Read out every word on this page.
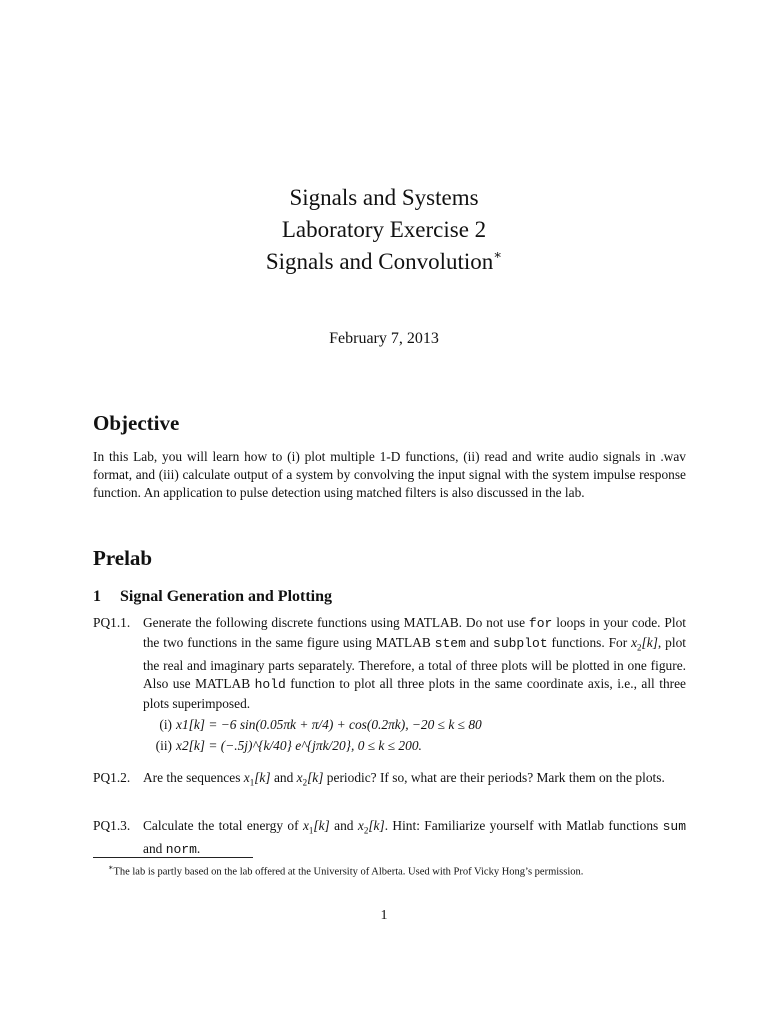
Signals and Systems
Laboratory Exercise 2
Signals and Convolution∗
February 7, 2013
Objective
In this Lab, you will learn how to (i) plot multiple 1-D functions, (ii) read and write audio signals in .wav format, and (iii) calculate output of a system by convolving the input signal with the system impulse response function. An application to pulse detection using matched filters is also discussed in the lab.
Prelab
1 Signal Generation and Plotting
PQ1.1. Generate the following discrete functions using MATLAB. Do not use for loops in your code. Plot the two functions in the same figure using MATLAB stem and subplot functions. For $x_2[k]$, plot the real and imaginary parts separately. Therefore, a total of three plots will be plotted in one figure. Also use MATLAB hold function to plot all three plots in the same coordinate axis, i.e., all three plots superimposed.
(i) x1[k] = −6 sin(0.05πk + π/4) + cos(0.2πk), −20 ≤ k ≤ 80
(ii) x2[k] = (−.5j)^{k/40} e^{jπk/20}, 0 ≤ k ≤ 200.
PQ1.2. Are the sequences $x_1[k]$ and $x_2[k]$ periodic? If so, what are their periods? Mark them on the plots.
PQ1.3. Calculate the total energy of $x_1[k]$ and $x_2[k]$. Hint: Familiarize yourself with Matlab functions sum and norm.
∗The lab is partly based on the lab offered at the University of Alberta. Used with Prof Vicky Hong’s permission.
1
